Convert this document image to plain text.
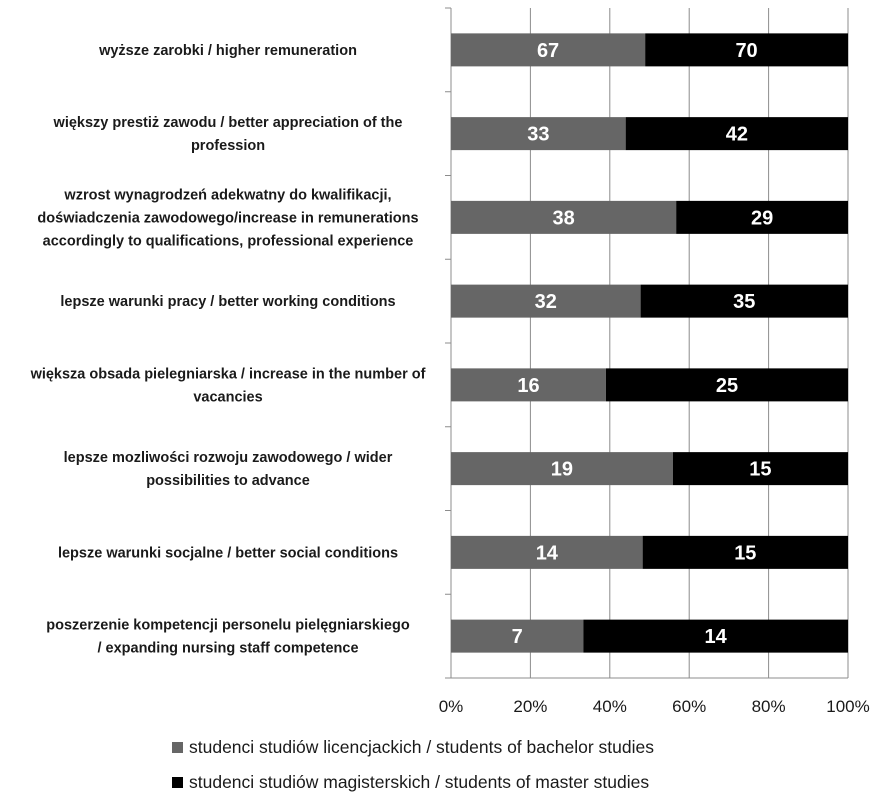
67	70
33	42
38	29
32	35
16	25
19	15
14	15
7	14
0%	20%	40%	60%	80% 100%
wyższe zarobki / higher remuneration
większy prestiż zawodu / better appreciation of the profession
wzrost wynagrodzeń adekwatny do kwalifikacji, doświadczenia zawodowego/increase in remunerations accordingly to qualifications, professional experience
lepsze warunki pracy / better working conditions
większa obsada pielegniarska / increase in the number of vacancies
lepsze mozliwości rozwoju zawodowego / wider possibilities to advance
lepsze warunki socjalne / better social conditions
poszerzenie kompetencji personelu pielęgniarskiego / expanding nursing staff competence
studenci studiów licencjackich / students of bachelor studies
studenci studiów magisterskich / students of master studies
